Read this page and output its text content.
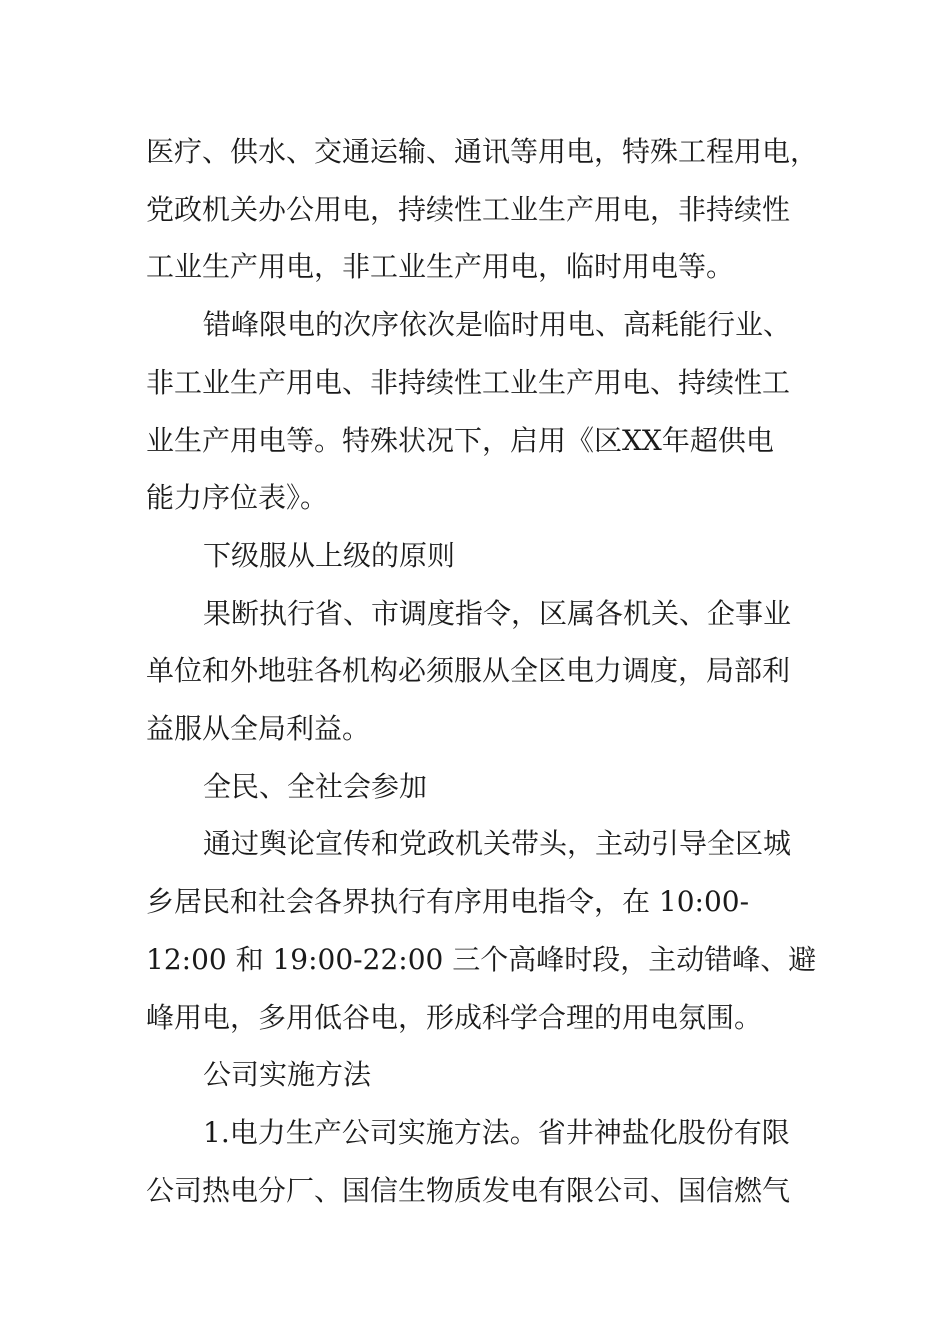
医疗、供水、交通运输、通讯等用电，特殊工程用电，
党政机关办公用电，持续性工业生产用电，非持续性
工业生产用电，非工业生产用电，临时用电等。

错峰限电的次序依次是临时用电、高耗能行业、
非工业生产用电、非持续性工业生产用电、持续性工
业生产用电等。特殊状况下，启用《区XX年超供电
能力序位表》。

下级服从上级的原则

果断执行省、市调度指令，区属各机关、企事业
单位和外地驻各机构必须服从全区电力调度，局部利
益服从全局利益。

全民、全社会参加

通过舆论宣传和党政机关带头，主动引导全区城
乡居民和社会各界执行有序用电指令，在 10:00-
12:00 和 19:00-22:00 三个高峰时段，主动错峰、避
峰用电，多用低谷电，形成科学合理的用电氛围。

公司实施方法

1.电力生产公司实施方法。省井神盐化股份有限
公司热电分厂、国信生物质发电有限公司、国信燃气
